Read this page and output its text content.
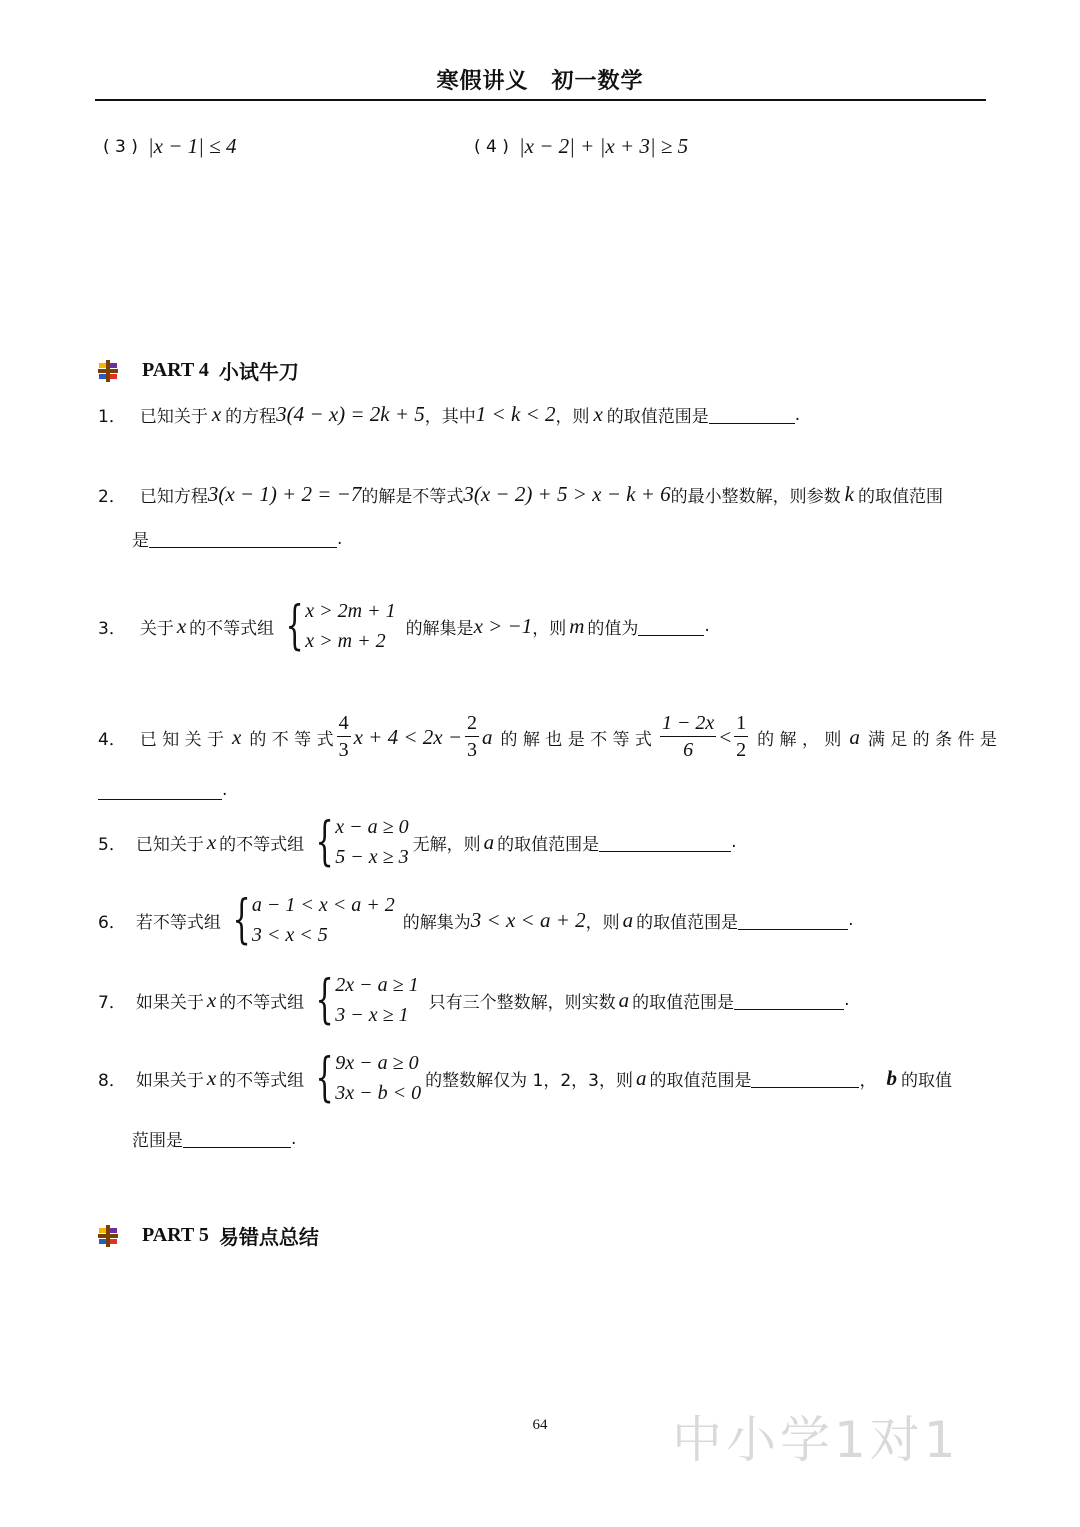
寒假讲义　初一数学
( 3 ) |x − 1| ≤ 4	( 4 ) |x − 2| + |x + 3| ≥ 5
PART 4 小试牛刀
1． 已知关于 x 的方程 3(4 − x) = 2k + 5 ，其中 1 < k < 2 ，则 x 的取值范围是	.
2． 已知方程 3(x − 1) + 2 = −7 的解是不等式 3(x − 2) + 5 > x − k + 6 的最小整数解，则参数 k 的取值范围
是	.
3． 关于 x 的不等式组 { x > 2m + 1
x > m + 2
的解集是 x > −1 ，则 m 的值为	.
4． 已 知 关 于 x 的 不 等 式 $\frac{4}{3}$ $x + 4 < 2x - \frac{2}{3}$ a 的 解 也 是 不 等 式 $\frac{1 - 2x}{6} < \frac{1}{2}$ 的 解 ， 则 a 满 足 的 条 件 是
.
5． 已知关于 x 的不等式组 { x − a ≥ 0
5 − x ≥ 3
无解，则 a 的取值范围是	.
6． 若不等式组 { a − 1 < x < a + 2
3 < x < 5
的解集为 3 < x < a + 2 ，则 a 的取值范围是	.
7． 如果关于 x 的不等式组 { 2x − a ≥ 1
3 − x ≥ 1
只有三个整数解，则实数 a 的取值范围是	.
8． 如果关于 x 的不等式组 { 9x − a ≥ 0
3x − b < 0
的整数解仅为 1，2，3，则 a 的取值范围是	， b 的取值
范围是	.
PART 5 易错点总结
64	中小学1对1
